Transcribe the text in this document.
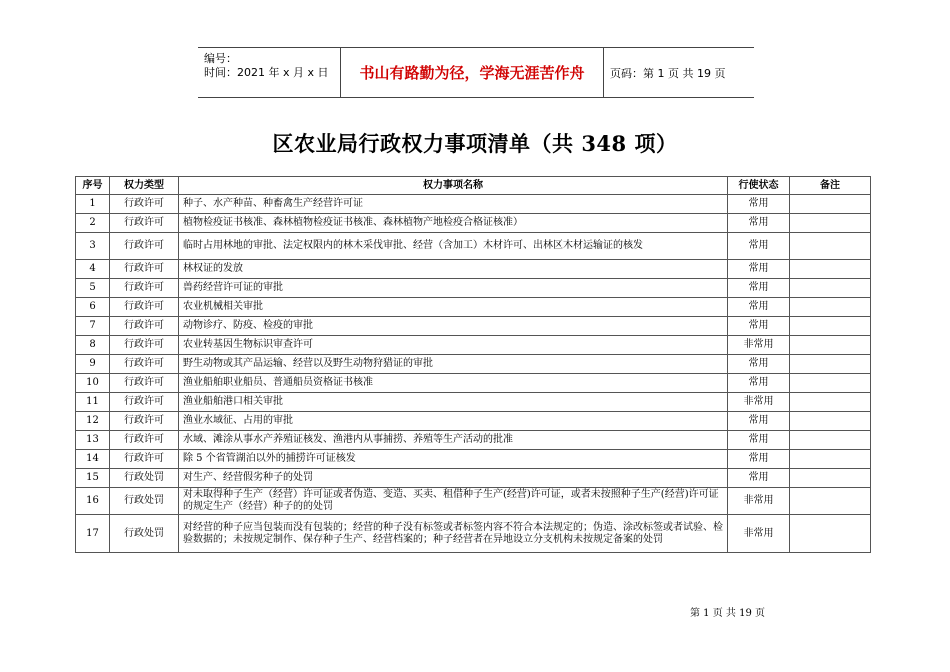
编号：
时间：2021 年 x 月 x 日	书山有路勤为径，学海无涯苦作舟	页码：第 1 页 共 19 页
区农业局行政权力事项清单（共 348 项）
序号	权力类型	权力事项名称	行使状态	备注
1	行政许可	种子、水产种苗、种畜禽生产经营许可证	常用	
2	行政许可	植物检疫证书核准、森林植物检疫证书核准、森林植物产地检疫合格证核准）	常用	
3	行政许可	临时占用林地的审批、法定权限内的林木采伐审批、经营（含加工）木材许可、出林区木材运输证的核发	常用	
4	行政许可	林权证的发放	常用	
5	行政许可	兽药经营许可证的审批	常用	
6	行政许可	农业机械相关审批	常用	
7	行政许可	动物诊疗、防疫、检疫的审批	常用	
8	行政许可	农业转基因生物标识审查许可	非常用	
9	行政许可	野生动物或其产品运输、经营以及野生动物狩猎证的审批	常用	
10	行政许可	渔业船舶职业船员、普通船员资格证书核准	常用	
11	行政许可	渔业船舶港口相关审批	非常用	
12	行政许可	渔业水域征、占用的审批	常用	
13	行政许可	水域、滩涂从事水产养殖证核发、渔港内从事捕捞、养殖等生产活动的批准	常用	
14	行政许可	除 5 个省管湖泊以外的捕捞许可证核发	常用	
15	行政处罚	对生产、经营假劣种子的处罚	常用	
16	行政处罚	对未取得种子生产（经营）许可证或者伪造、变造、买卖、租借种子生产(经营)许可证，或者未按照种子生产(经营)许可证的规定生产（经营）种子的的处罚	非常用	
17	行政处罚	对经营的种子应当包装而没有包装的；经营的种子没有标签或者标签内容不符合本法规定的；伪造、涂改标签或者试验、检验数据的；未按规定制作、保存种子生产、经营档案的；种子经营者在异地设立分支机构未按规定备案的处罚	非常用	
第 1 页 共 19 页
